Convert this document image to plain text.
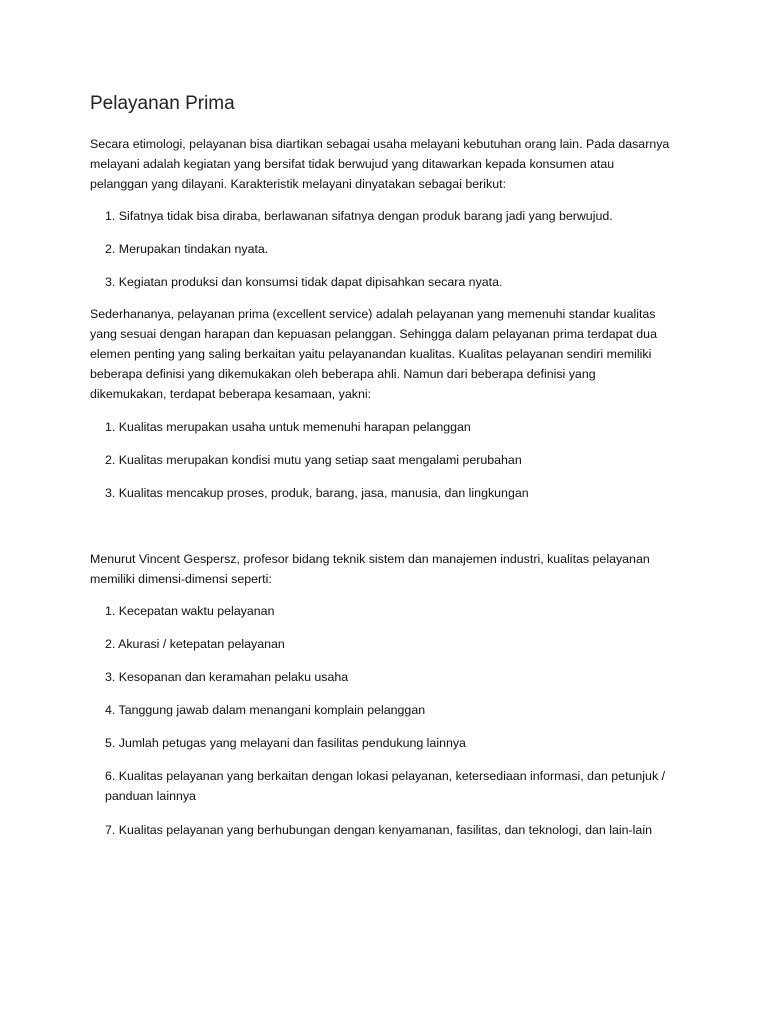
Pelayanan Prima
Secara etimologi, pelayanan bisa diartikan sebagai usaha melayani kebutuhan orang lain. Pada dasarnya
melayani adalah kegiatan yang bersifat tidak berwujud yang ditawarkan kepada konsumen atau
pelanggan yang dilayani. Karakteristik melayani dinyatakan sebagai berikut:
1. Sifatnya tidak bisa diraba, berlawanan sifatnya dengan produk barang jadi yang berwujud.
2. Merupakan tindakan nyata.
3. Kegiatan produksi dan konsumsi tidak dapat dipisahkan secara nyata.
Sederhananya, pelayanan prima (excellent service) adalah pelayanan yang memenuhi standar kualitas
yang sesuai dengan harapan dan kepuasan pelanggan. Sehingga dalam pelayanan prima terdapat dua
elemen penting yang saling berkaitan yaitu pelayanandan kualitas. Kualitas pelayanan sendiri memiliki
beberapa definisi yang dikemukakan oleh beberapa ahli. Namun dari beberapa definisi yang
dikemukakan, terdapat beberapa kesamaan, yakni:
1. Kualitas merupakan usaha untuk memenuhi harapan pelanggan
2. Kualitas merupakan kondisi mutu yang setiap saat mengalami perubahan
3. Kualitas mencakup proses, produk, barang, jasa, manusia, dan lingkungan
Menurut Vincent Gespersz, profesor bidang teknik sistem dan manajemen industri, kualitas pelayanan
memiliki dimensi-dimensi seperti:
1. Kecepatan waktu pelayanan
2. Akurasi / ketepatan pelayanan
3. Kesopanan dan keramahan pelaku usaha
4. Tanggung jawab dalam menangani komplain pelanggan
5. Jumlah petugas yang melayani dan fasilitas pendukung lainnya
6. Kualitas pelayanan yang berkaitan dengan lokasi pelayanan, ketersediaan informasi, dan petunjuk /
panduan lainnya
7. Kualitas pelayanan yang berhubungan dengan kenyamanan, fasilitas, dan teknologi, dan lain-lain
